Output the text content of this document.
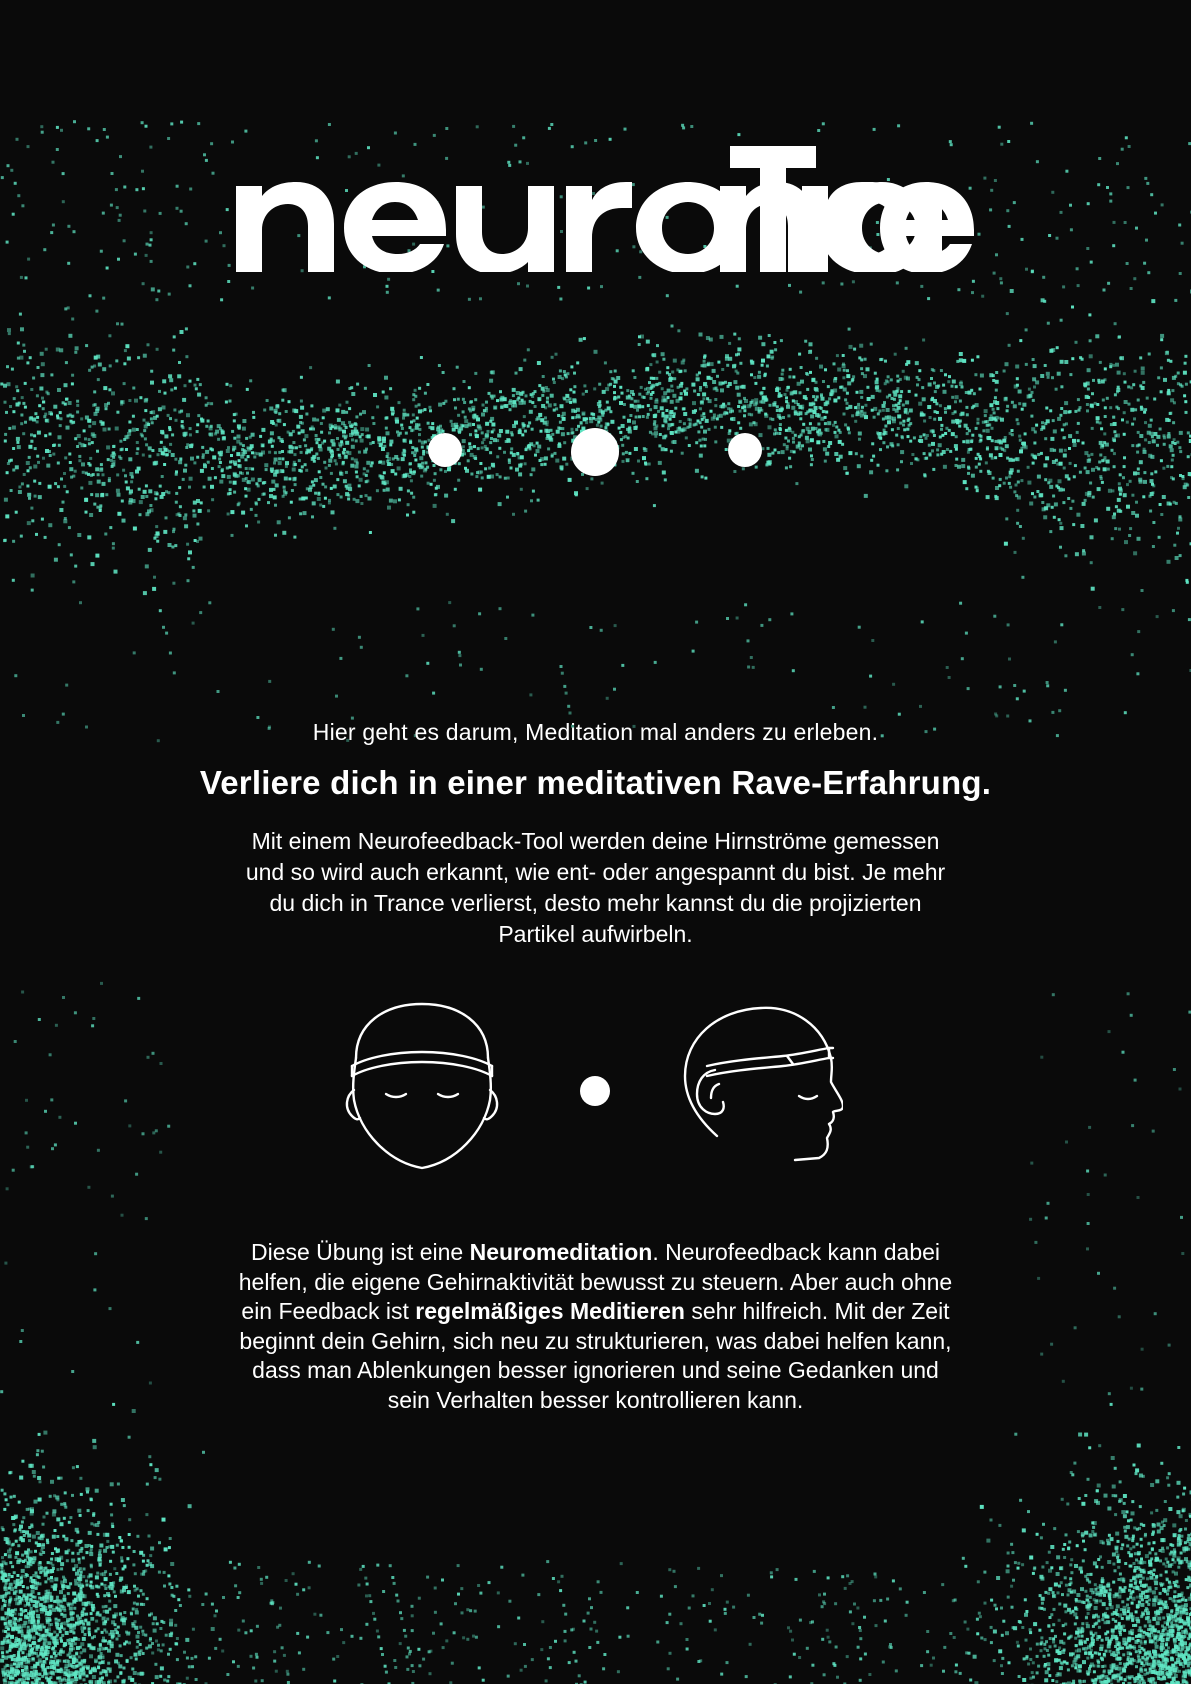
Hier geht es darum, Meditation mal anders zu erleben.
Verliere dich in einer meditativen Rave-Erfahrung.
Mit einem Neurofeedback-Tool werden deine Hirnströme gemessen
und so wird auch erkannt, wie ent- oder angespannt du bist. Je mehr
du dich in Trance verlierst, desto mehr kannst du die projizierten
Partikel aufwirbeln.
Diese Übung ist eine Neuromeditation. Neurofeedback kann dabei
helfen, die eigene Gehirnaktivität bewusst zu steuern. Aber auch ohne
ein Feedback ist regelmäßiges Meditieren sehr hilfreich. Mit der Zeit
beginnt dein Gehirn, sich neu zu strukturieren, was dabei helfen kann,
dass man Ablenkungen besser ignorieren und seine Gedanken und
sein Verhalten besser kontrollieren kann.
